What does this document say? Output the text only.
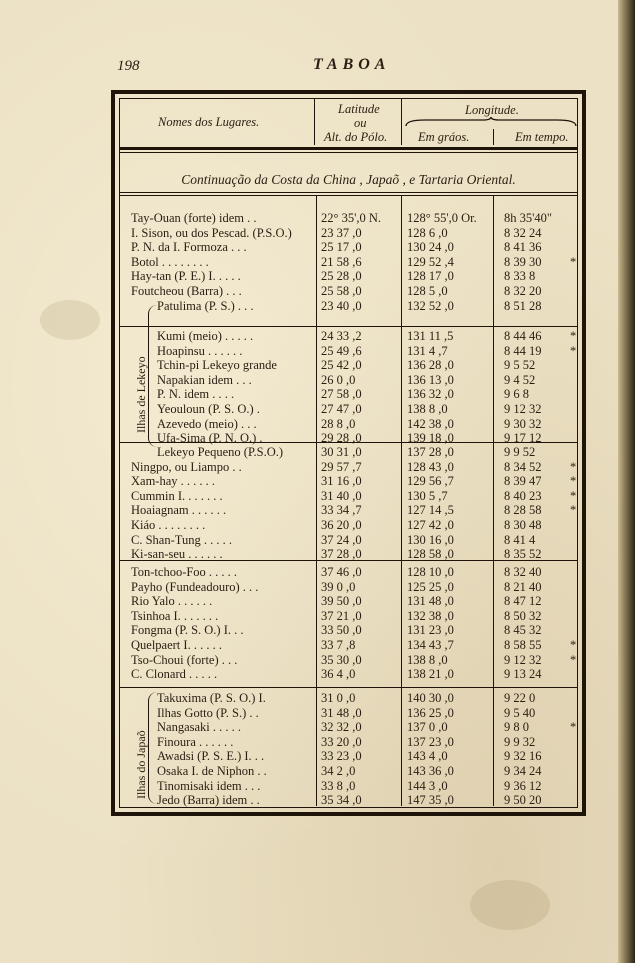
198	TABOA
Nomes dos Lugares.
Latitude
ou
Alt. do Pólo.
Longitude.
Em gráos.	Em tempo.
Continuação da Costa da China , Japaõ , e Tartaria Oriental.
Ilhas de Lekeyo
Ilhas do Japaõ
Tay-Ouan (forte) idem . .	22° 35',0 N.	128° 55',0 Or.	8h 35'40"
I. Sison, ou dos Pescad. (P.S.O.) 23 37 ,0	128 6 ,0	8 32 24
P. N. da I. Formoza . . .	25 17 ,0	130 24 ,0	8 41 36
Botol . . . . . . . .	21 58 ,6	129 52 ,4	8 39 30	*
Hay-tan (P. E.) I. . . . .	25 28 ,0	128 17 ,0	8 33 8
Foutcheou (Barra) . . .	25 58 ,0	128 5 ,0	8 32 20
Patulima (P. S.) . . .	23 40 ,0	132 52 ,0	8 51 28
Kumi (meio) . . . . .	24 33 ,2	131 11 ,5	8 44 46	*
Hoapinsu . . . . . .	25 49 ,6	131 4 ,7	8 44 19	*
Tchin-pi Lekeyo grande	25 42 ,0	136 28 ,0	9 5 52
Napakian idem . . .	26 0 ,0	136 13 ,0	9 4 52
P. N. idem . . . .	27 58 ,0	136 32 ,0	9 6 8
Yeouloun (P. S. O.) .	27 47 ,0	138 8 ,0	9 12 32
Azevedo (meio) . . .	28 8 ,0	142 38 ,0	9 30 32
Ufa-Sima (P. N. O.) .	29 28 ,0	139 18 ,0	9 17 12
Lekeyo Pequeno (P.S.O.)	30 31 ,0	137 28 ,0	9 9 52
Ningpo, ou Liampo . .	29 57 ,7	128 43 ,0	8 34 52	*
Xam-hay . . . . . .	31 16 ,0	129 56 ,7	8 39 47	*
Cummin I. . . . . . .	31 40 ,0	130 5 ,7	8 40 23	*
Hoaiagnam . . . . . .	33 34 ,7	127 14 ,5	8 28 58	*
Kiáo . . . . . . . .	36 20 ,0	127 42 ,0	8 30 48
C. Shan-Tung . . . . .	37 24 ,0	130 16 ,0	8 41 4
Ki-san-seu . . . . . .	37 28 ,0	128 58 ,0	8 35 52
Ton-tchoo-Foo . . . . .	37 46 ,0	128 10 ,0	8 32 40
Payho (Fundeadouro) . . .	39 0 ,0	125 25 ,0	8 21 40
Rio Yalo . . . . . .	39 50 ,0	131 48 ,0	8 47 12
Tsinhoa I. . . . . . .	37 21 ,0	132 38 ,0	8 50 32
Fongma (P. S. O.) I. . .	33 50 ,0	131 23 ,0	8 45 32
Quelpaert I. . . . . .	33 7 ,8	134 43 ,7	8 58 55	*
Tso-Choui (forte) . . .	35 30 ,0	138 8 ,0	9 12 32	*
C. Clonard . . . . .	36 4 ,0	138 21 ,0	9 13 24
Takuxima (P. S. O.) I.	31 0 ,0	140 30 ,0	9 22 0
Ilhas Gotto (P. S.) . .	31 48 ,0	136 25 ,0	9 5 40
Nangasaki . . . . .	32 32 ,0	137 0 ,0	9 8 0	*
Finoura . . . . . .	33 20 ,0	137 23 ,0	9 9 32
Awadsi (P. S. E.) I. . .	33 23 ,0	143 4 ,0	9 32 16
Osaka I. de Niphon . .	34 2 ,0	143 36 ,0	9 34 24
Tinomisaki idem . . .	33 8 ,0	144 3 ,0	9 36 12
Jedo (Barra) idem . .	35 34 ,0	147 35 ,0	9 50 20
